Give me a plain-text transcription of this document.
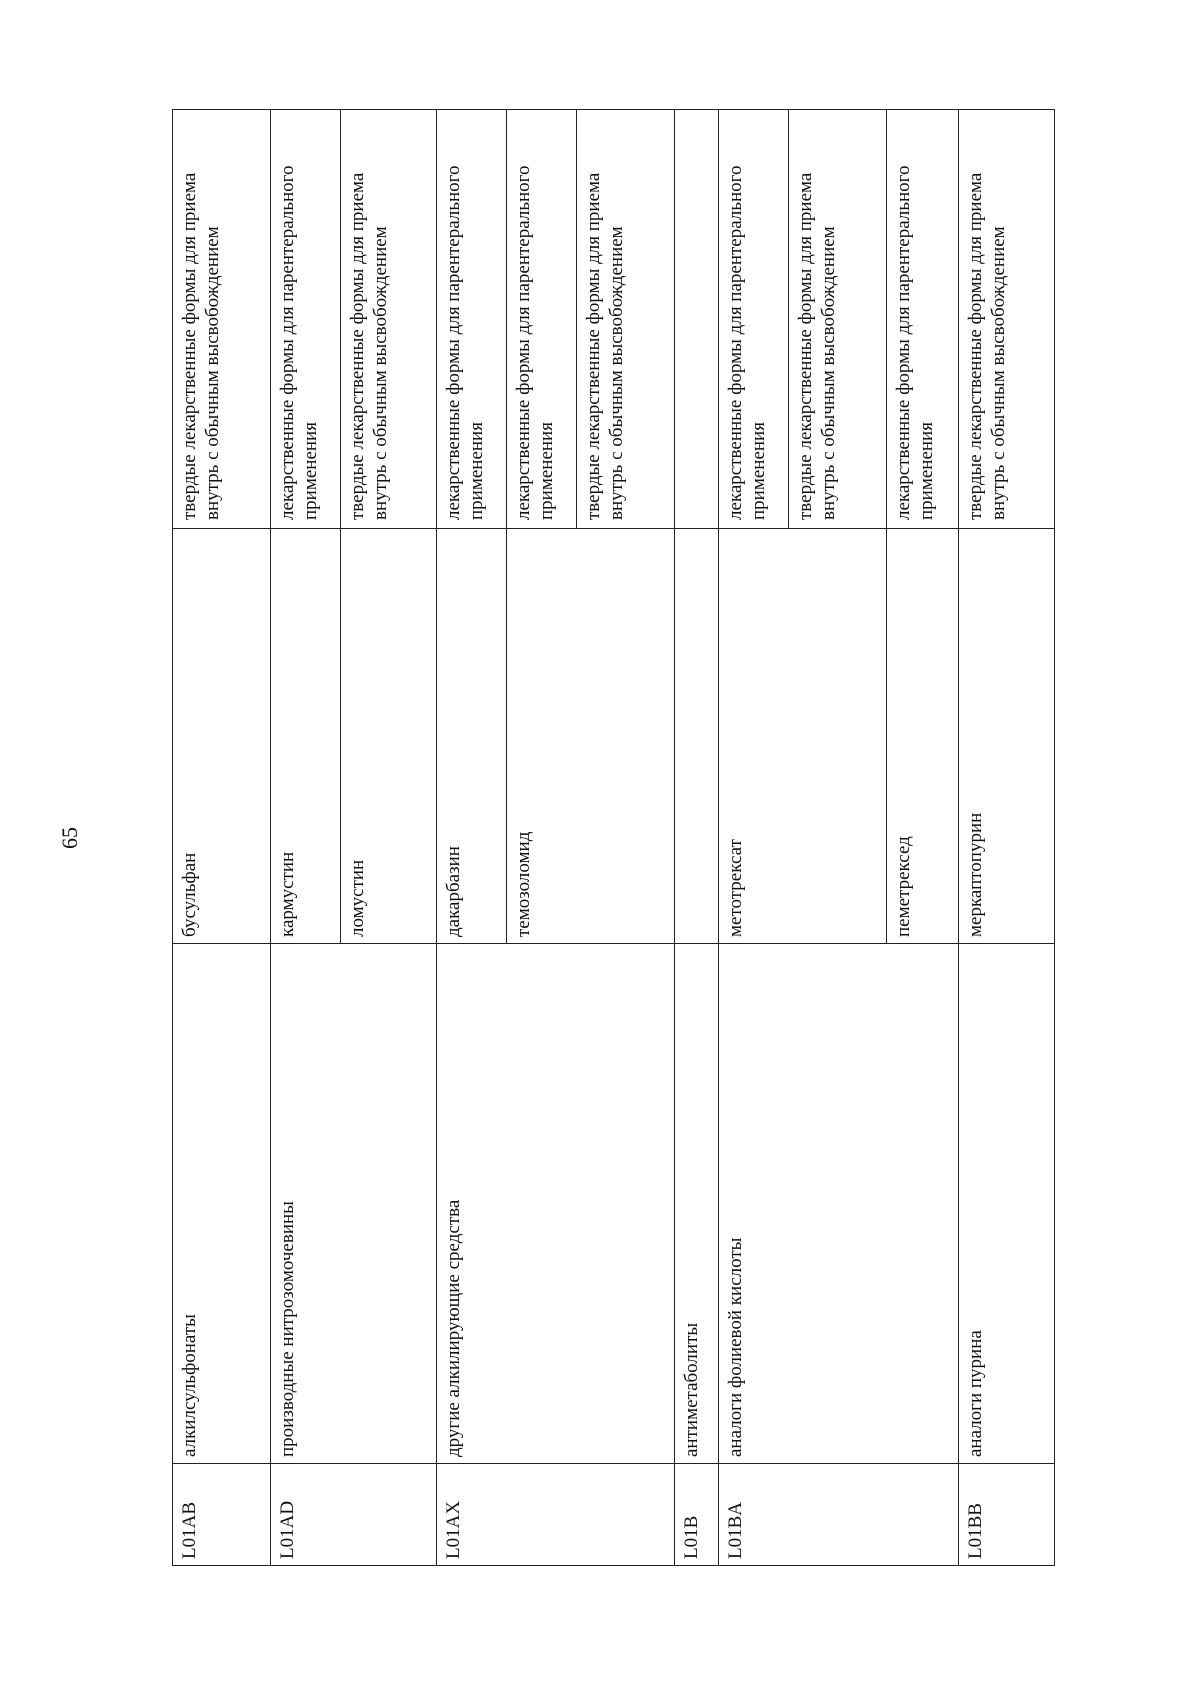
65
L01AB	алкилсульфонаты	бусульфан	твердые лекарственные формы для приема внутрь с обычным высвобождением
L01AD	производные нитрозомочевины	кармустин	лекарственные формы для парентерального применения
		ломустин	твердые лекарственные формы для приема внутрь с обычным высвобождением
L01AX	другие алкилирующие средства	дакарбазин	лекарственные формы для парентерального применения
		темозоломид	лекарственные формы для парентерального применения
			твердые лекарственные формы для приема внутрь с обычным высвобождением
L01B	антиметаболиты		
L01BA	аналоги фолиевой кислоты	метотрексат	лекарственные формы для парентерального применения
			твердые лекарственные формы для приема внутрь с обычным высвобождением
		пеметрексед	лекарственные формы для парентерального применения
L01BB	аналоги пурина	меркаптопурин	твердые лекарственные формы для приема внутрь с обычным высвобождением
